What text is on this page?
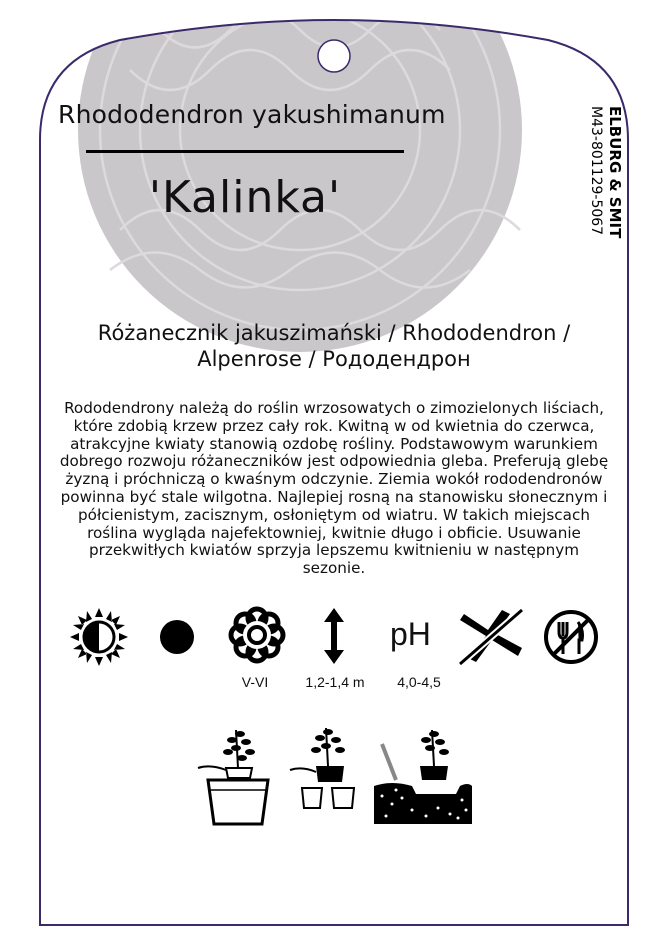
Rhododendron yakushimanum
'Kalinka'	ELBURG & SMIT
M43-801129-5067
Różanecznik jakuszimański / Rhododendron /
Alpenrose / Рододендрон
Rododendrony należą do roślin wrzosowatych o zimozielonych liściach, które zdobią krzew przez cały rok. Kwitną w od kwietnia do czerwca, atrakcyjne kwiaty stanowią ozdobę rośliny. Podstawowym warunkiem dobrego rozwoju różaneczników jest odpowiednia gleba. Preferują glebę żyzną i próchniczą o kwaśnym odczynie. Ziemia wokół rododendronów powinna być stale wilgotna. Najlepiej rosną na stanowisku słonecznym i półcienistym, zacisznym, osłoniętym od wiatru. W takich miejscach roślina wygląda najefektowniej, kwitnie długo i obficie. Usuwanie przekwitłych kwiatów sprzyja lepszemu kwitnieniu w następnym sezonie.
V-VI	1,2-1,4 m
pH
4,0-4,5
